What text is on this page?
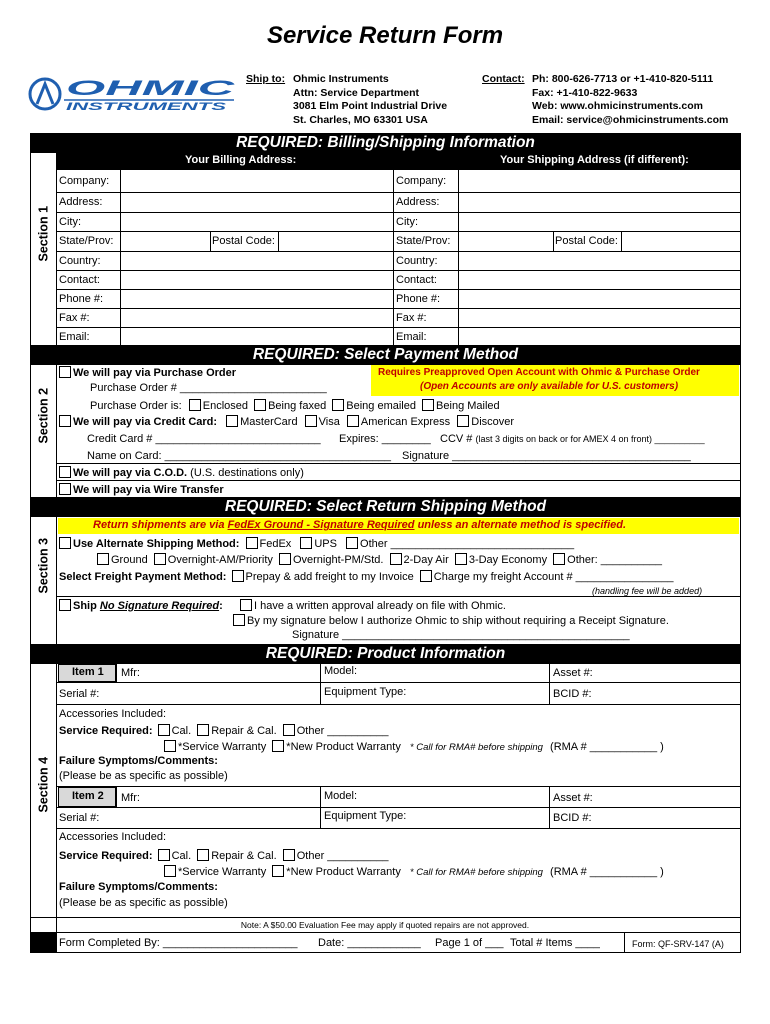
Service Return Form
OHMIC
INSTRUMENTS
Ship to: Ohmic Instruments
Attn: Service Department
3081 Elm Point Industrial Drive
St. Charles, MO 63301 USA
Contact: Ph: 800-626-7713 or +1-410-820-5111
Fax: +1-410-822-9633
Web: www.ohmicinstruments.com
Email: service@ohmicinstruments.com
REQUIRED: Billing/Shipping Information
Section 1
Your Billing Address:	Your Shipping Address (if different):
Company:
Address:
City:
State/Prov:	Postal Code:
Country:
Contact:
Phone #:
Fax #:
Email:
Company:
Address:
City:
State/Prov:	Postal Code:
Country:
Contact:
Phone #:
Fax #:
Email:
REQUIRED: Select Payment Method
Section 2
Requires Preapproved Open Account with Ohmic & Purchase Order
(Open Accounts are only available for U.S. customers)
We will pay via Purchase Order
Purchase Order # ________________________
Purchase Order is: Enclosed Being faxed Being emailed Being Mailed
We will pay via Credit Card: MasterCard Visa American Express Discover
Credit Card # ___________________________ Expires: ________ CCV # (last 3 digits on back or for AMEX 4 on front) __________
Name on Card: _____________________________________ Signature _______________________________________
We will pay via C.O.D. (U.S. destinations only)
We will pay via Wire Transfer
REQUIRED: Select Return Shipping Method
Section 3
Return shipments are via FedEx Ground - Signature Required unless an alternate method is specified.
Use Alternate Shipping Method: FedEx UPS Other ______________________________
Ground Overnight-AM/Priority Overnight-PM/Std. 2-Day Air 3-Day Economy Other: __________
Select Freight Payment Method: Prepay & add freight to my Invoice Charge my freight Account # ________________
(handling fee will be added)
Ship No Signature Required:	I have a written approval already on file with Ohmic.
By my signature below I authorize Ohmic to ship without requiring a Receipt Signature.
Signature _______________________________________________
REQUIRED: Product Information
Section 4
Item 1 Mfr:	Model:	Asset #:
Serial #:	Equipment Type:	BCID #:
Accessories Included:
Service Required: Cal. Repair & Cal. Other __________
*Service Warranty *New Product Warranty * Call for RMA# before shipping (RMA # ___________ )
Failure Symptoms/Comments:
(Please be as specific as possible)
Item 2 Mfr:	Model:	Asset #:
Serial #:	Equipment Type:	BCID #:
Accessories Included:
Service Required: Cal. Repair & Cal. Other __________
*Service Warranty *New Product Warranty * Call for RMA# before shipping (RMA # ___________ )
Failure Symptoms/Comments:
(Please be as specific as possible)
Note: A $50.00 Evaluation Fee may apply if quoted repairs are not approved.
Form Completed By: ______________________ Date: ____________ Page 1 of ___ Total # Items ____	Form: QF-SRV-147 (A)
